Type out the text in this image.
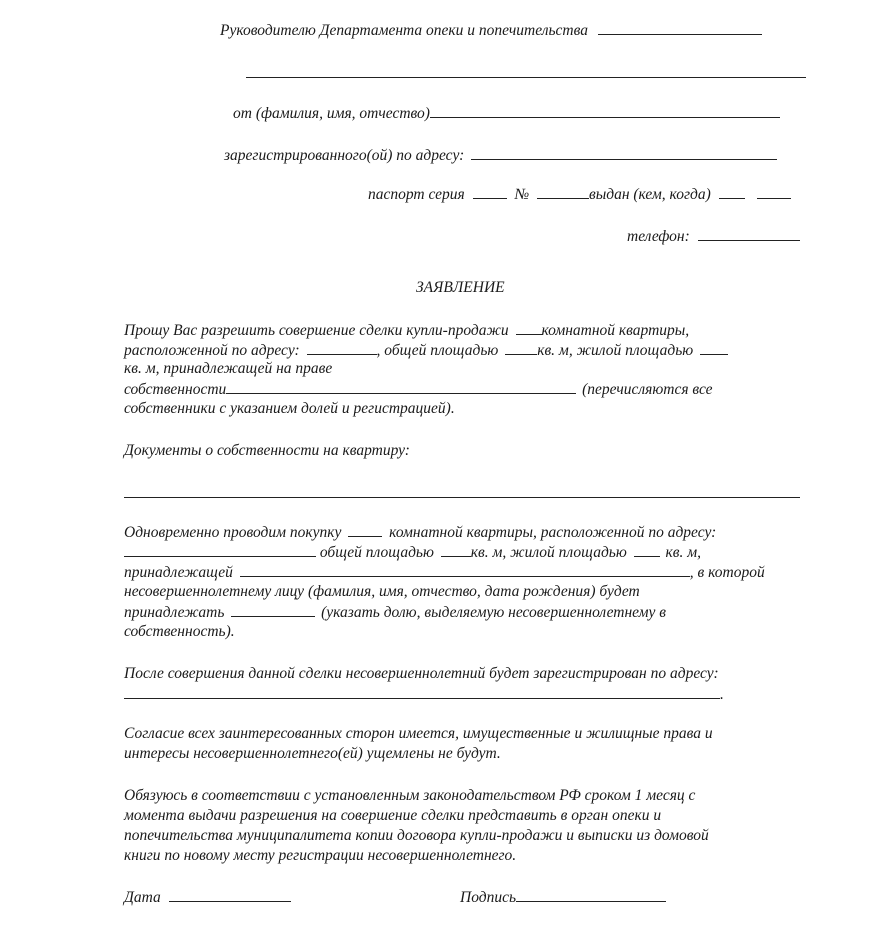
Руководителю Департамента опеки и попечительства
от (фамилия, имя, отчество)
зарегистрированного(ой) по адресу:
паспорт серия	№	выдан (кем, когда)
телефон:
ЗАЯВЛЕНИЕ
Прошу Вас разрешить совершение сделки купли-продажи комнатной квартиры,
расположенной по адресу:	, общей площадью	кв. м, жилой площадью
кв. м, принадлежащей на праве
собственности	(перечисляются все
собственники с указанием долей и регистрацией).
Документы о собственности на квартиру:
Одновременно проводим покупку	комнатной квартиры, расположенной по адресу:
общей площадью кв. м, жилой площадью	кв. м,
принадлежащей	, в которой
несовершеннолетнему лицу (фамилия, имя, отчество, дата рождения) будет
принадлежать	(указать долю, выделяемую несовершеннолетнему в
собственность).
После совершения данной сделки несовершеннолетний будет зарегистрирован по адресу:
.
Согласие всех заинтересованных сторон имеется, имущественные и жилищные права и
интересы несовершеннолетнего(ей) ущемлены не будут.
Обязуюсь в соответствии с установленным законодательством РФ сроком 1 месяц с
момента выдачи разрешения на совершение сделки представить в орган опеки и
попечительства муниципалитета копии договора купли-продажи и выписки из домовой
книги по новому месту регистрации несовершеннолетнего.
Дата	Подпись
